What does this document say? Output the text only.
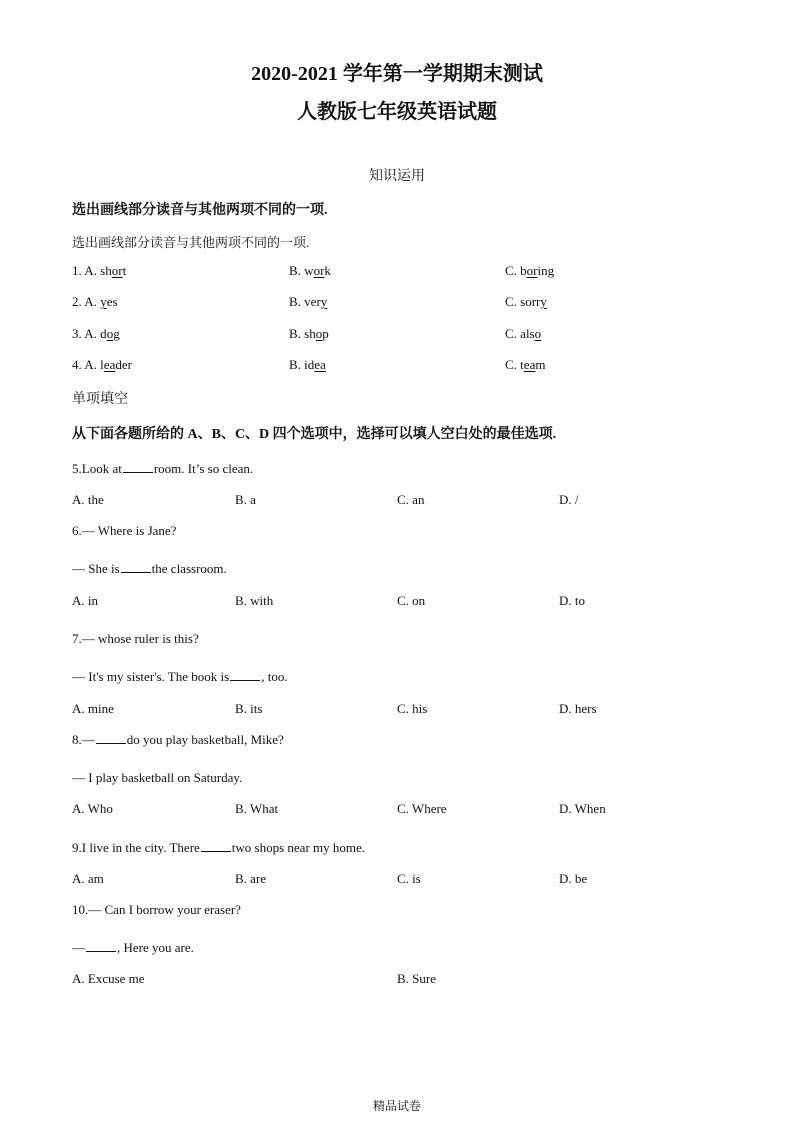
2020-2021 学年第一学期期末测试
人教版七年级英语试题
知识运用
选出画线部分读音与其他两项不同的一项.
选出画线部分读音与其他两项不同的一项.
1. A. short	B. work	C. boring
2. A. yes	B. very	C. sorry
3. A. dog	B. shop	C. also
4. A. leader	B. idea	C. team
单项填空
从下面各题所给的 A、B、C、D 四个选项中，选择可以填人空白处的最佳选项.
5.Look at room. It’s so clean.
A. the	B. a	C. an	D. /
6.— Where is Jane?
— She is the classroom.
A. in	B. with	C. on	D. to
7.— whose ruler is this?
— It's my sister's. The book is , too.
A. mine	B. its	C. his	D. hers
8.— do you play basketball, Mike?
— I play basketball on Saturday.
A. Who	B. What	C. Where	D. When
9.I live in the city. There two shops near my home.
A. am	B. are	C. is	D. be
10.— Can I borrow your eraser?
— , Here you are.
A. Excuse me	B. Sure
精品试卷
